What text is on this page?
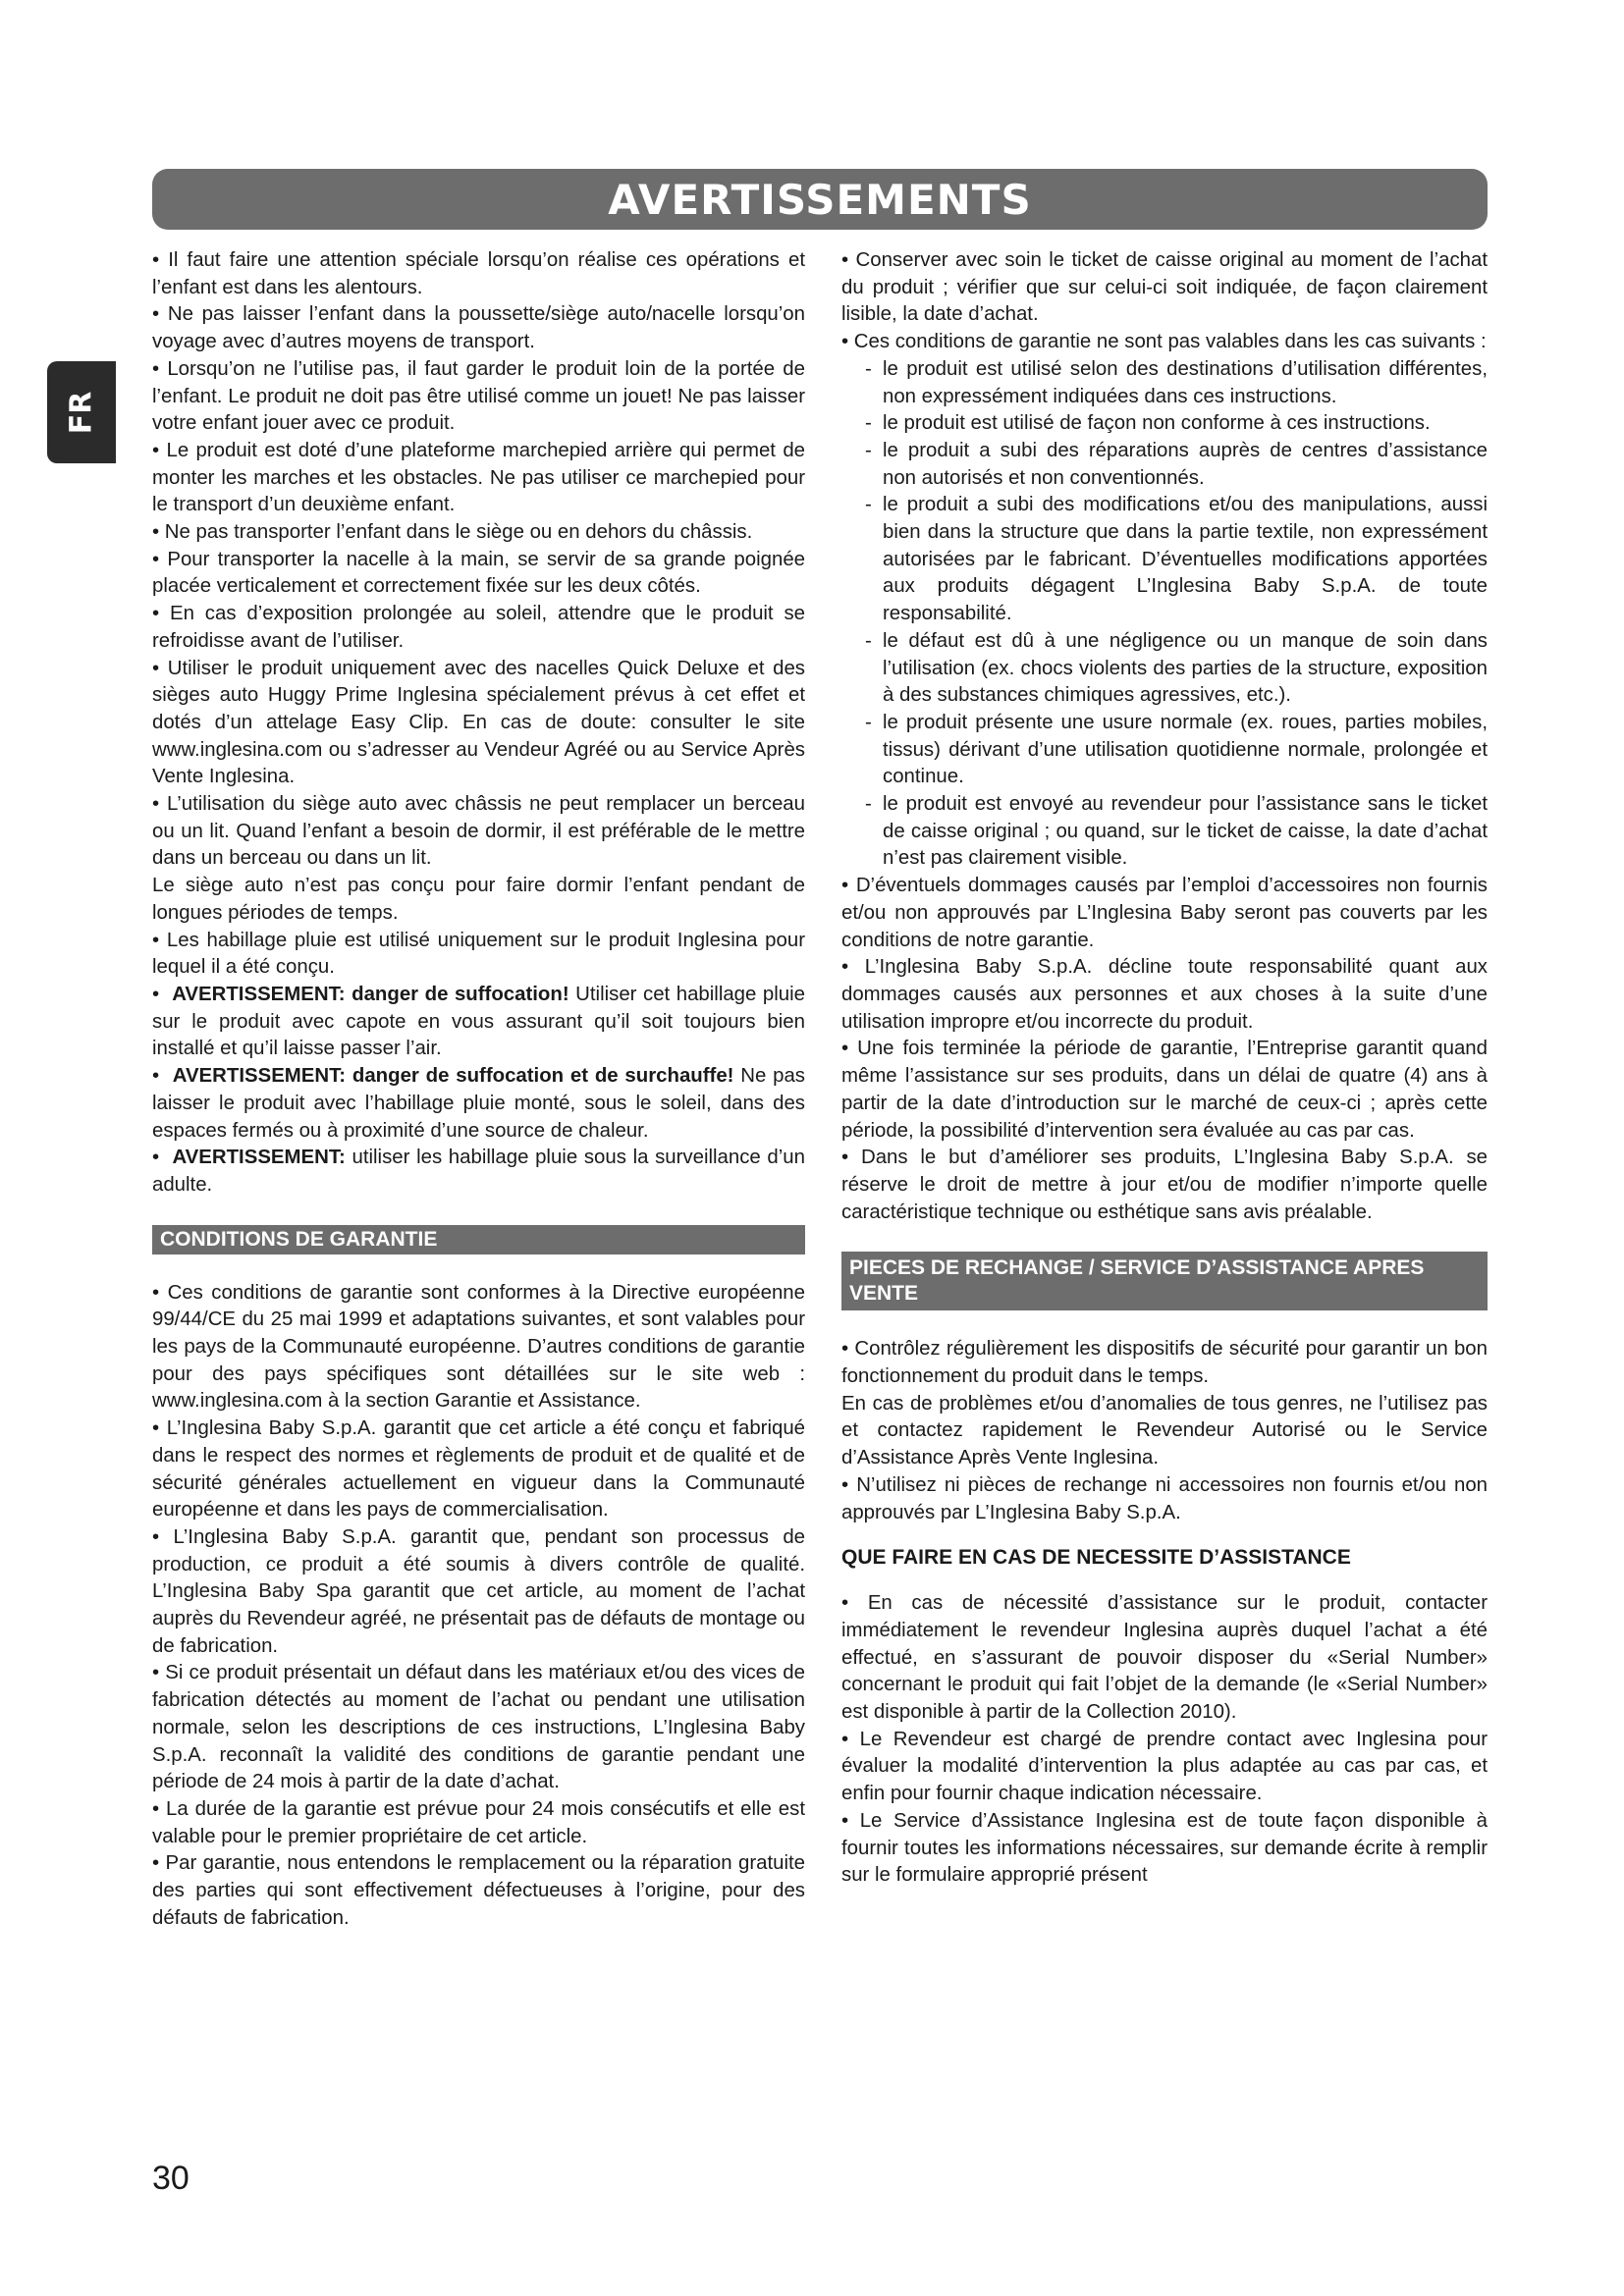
AVERTISSEMENTS
FR

• Il faut faire une attention spéciale lorsqu’on réalise ces opérations et l’enfant est dans les alentours.

• Ne pas laisser l’enfant dans la poussette/siège auto/nacelle lorsqu’on voyage avec d’autres moyens de transport.

• Lorsqu’on ne l’utilise pas, il faut garder le produit loin de la portée de l’enfant. Le produit ne doit pas être utilisé comme un jouet! Ne pas laisser votre enfant jouer avec ce produit.

• Le produit est doté d’une plateforme marchepied arrière qui permet de monter les marches et les obstacles. Ne pas utiliser ce marchepied pour le transport d’un deuxième enfant.

• Ne pas transporter l’enfant dans le siège ou en dehors du châssis.

• Pour transporter la nacelle à la main, se servir de sa grande poignée placée verticalement et correctement fixée sur les deux côtés.

• En cas d’exposition prolongée au soleil, attendre que le produit se refroidisse avant de l’utiliser.

• Utiliser le produit uniquement avec des nacelles Quick Deluxe et des sièges auto Huggy Prime Inglesina spécialement prévus à cet effet et dotés d’un attelage Easy Clip. En cas de doute: consulter le site www.inglesina.com ou s’adresser au Vendeur Agréé ou au Service Après Vente Inglesina.

• L’utilisation du siège auto avec châssis ne peut remplacer un berceau ou un lit. Quand l’enfant a besoin de dormir, il est préférable de le mettre dans un berceau ou dans un lit.

Le siège auto n’est pas conçu pour faire dormir l’enfant pendant de longues périodes de temps.

• Les habillage pluie est utilisé uniquement sur le produit Inglesina pour lequel il a été conçu.

•  AVERTISSEMENT: danger de suffocation! Utiliser cet habillage pluie sur le produit avec capote en vous assurant qu’il soit toujours bien installé et qu’il laisse passer l’air.

•  AVERTISSEMENT: danger de suffocation et de surchauffe! Ne pas laisser le produit avec l’habillage pluie monté, sous le soleil, dans des espaces fermés ou à proximité d’une source de chaleur.

•  AVERTISSEMENT: utiliser les habillage pluie sous la surveillance d’un adulte.

CONDITIONS DE GARANTIE

• Ces conditions de garantie sont conformes à la Directive européenne 99/44/CE du 25 mai 1999 et adaptations suivantes, et sont valables pour les pays de la Communauté européenne. D’autres conditions de garantie pour des pays spécifiques sont détaillées sur le site web : www.inglesina.com à la section Garantie et Assistance.

• L’Inglesina Baby S.p.A. garantit que cet article a été conçu et fabriqué dans le respect des normes et règlements de produit et de qualité et de sécurité générales actuellement en vigueur dans la Communauté européenne et dans les pays de commercialisation.

• L’Inglesina Baby S.p.A. garantit que, pendant son processus de production, ce produit a été soumis à divers contrôle de qualité. L’Inglesina Baby Spa garantit que cet article, au moment de l’achat auprès du Revendeur agréé, ne présentait pas de défauts de montage ou de fabrication.

• Si ce produit présentait un défaut dans les matériaux et/ou des vices de fabrication détectés au moment de l’achat ou pendant une utilisation normale, selon les descriptions de ces instructions, L’Inglesina Baby S.p.A. reconnaît la validité des conditions de garantie pendant une période de 24 mois à partir de la date d’achat.

• La durée de la garantie est prévue pour 24 mois consécutifs et elle est valable pour le premier propriétaire de cet article.

• Par garantie, nous entendons le remplacement ou la réparation gratuite des parties qui sont effectivement défectueuses à l’origine, pour des défauts de fabrication.

• Conserver avec soin le ticket de caisse original au moment de l’achat du produit ; vérifier que sur celui-ci soit indiquée, de façon clairement lisible, la date d’achat.

• Ces conditions de garantie ne sont pas valables dans les cas suivants :

- le produit est utilisé selon des destinations d’utilisation différentes, non expressément indiquées dans ces instructions.
- le produit est utilisé de façon non conforme à ces instructions.
- le produit a subi des réparations auprès de centres d’assistance non autorisés et non conventionnés.
- le produit a subi des modifications et/ou des manipulations, aussi bien dans la structure que dans la partie textile, non expressément autorisées par le fabricant. D’éventuelles modifications apportées aux produits dégagent L’Inglesina Baby S.p.A. de toute responsabilité.
- le défaut est dû à une négligence ou un manque de soin dans l’utilisation (ex. chocs violents des parties de la structure, exposition à des substances chimiques agressives, etc.).
- le produit présente une usure normale (ex. roues, parties mobiles, tissus) dérivant d’une utilisation quotidienne normale, prolongée et continue.
- le produit est envoyé au revendeur pour l’assistance sans le ticket de caisse original ; ou quand, sur le ticket de caisse, la date d’achat n’est pas clairement visible.

• D’éventuels dommages causés par l’emploi d’accessoires non fournis et/ou non approuvés par L’Inglesina Baby seront pas couverts par les conditions de notre garantie.

• L’Inglesina Baby S.p.A. décline toute responsabilité quant aux dommages causés aux personnes et aux choses à la suite d’une utilisation impropre et/ou incorrecte du produit.

• Une fois terminée la période de garantie, l’Entreprise garantit quand même l’assistance sur ses produits, dans un délai de quatre (4) ans à partir de la date d’introduction sur le marché de ceux-ci ; après cette période, la possibilité d’intervention sera évaluée au cas par cas.

• Dans le but d’améliorer ses produits, L’Inglesina Baby S.p.A. se réserve le droit de mettre à jour et/ou de modifier n’importe quelle caractéristique technique ou esthétique sans avis préalable.

PIECES DE RECHANGE / SERVICE D’ASSISTANCE APRES VENTE

• Contrôlez régulièrement les dispositifs de sécurité pour garantir un bon fonctionnement du produit dans le temps.

En cas de problèmes et/ou d’anomalies de tous genres, ne l’utilisez pas et contactez rapidement le Revendeur Autorisé ou le Service d’Assistance Après Vente Inglesina.

• N’utilisez ni pièces de rechange ni accessoires non fournis et/ou non approuvés par L’Inglesina Baby S.p.A.

QUE FAIRE EN CAS DE NECESSITE D’ASSISTANCE

• En cas de nécessité d’assistance sur le produit, contacter immédiatement le revendeur Inglesina auprès duquel l’achat a été effectué, en s’assurant de pouvoir disposer du «Serial Number» concernant le produit qui fait l’objet de la demande (le «Serial Number» est disponible à partir de la Collection 2010).

• Le Revendeur est chargé de prendre contact avec Inglesina pour évaluer la modalité d’intervention la plus adaptée au cas par cas, et enfin pour fournir chaque indication nécessaire.

• Le Service d’Assistance Inglesina est de toute façon disponible à fournir toutes les informations nécessaires, sur demande écrite à remplir sur le formulaire approprié présent

30
